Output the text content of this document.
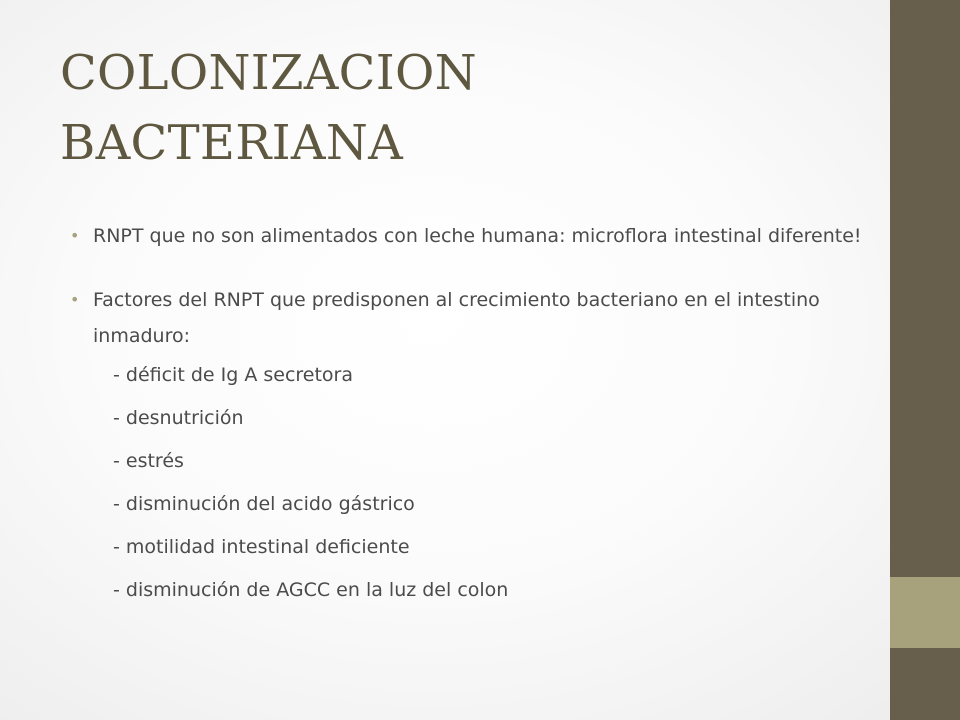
COLONIZACION
BACTERIANA
• RNPT que no son alimentados con leche humana: microflora intestinal diferente!
• Factores del RNPT que predisponen al crecimiento bacteriano en el intestino inmaduro:
- déficit de Ig A secretora
- desnutrición
- estrés
- disminución del acido gástrico
- motilidad intestinal deficiente
- disminución de AGCC en la luz del colon
